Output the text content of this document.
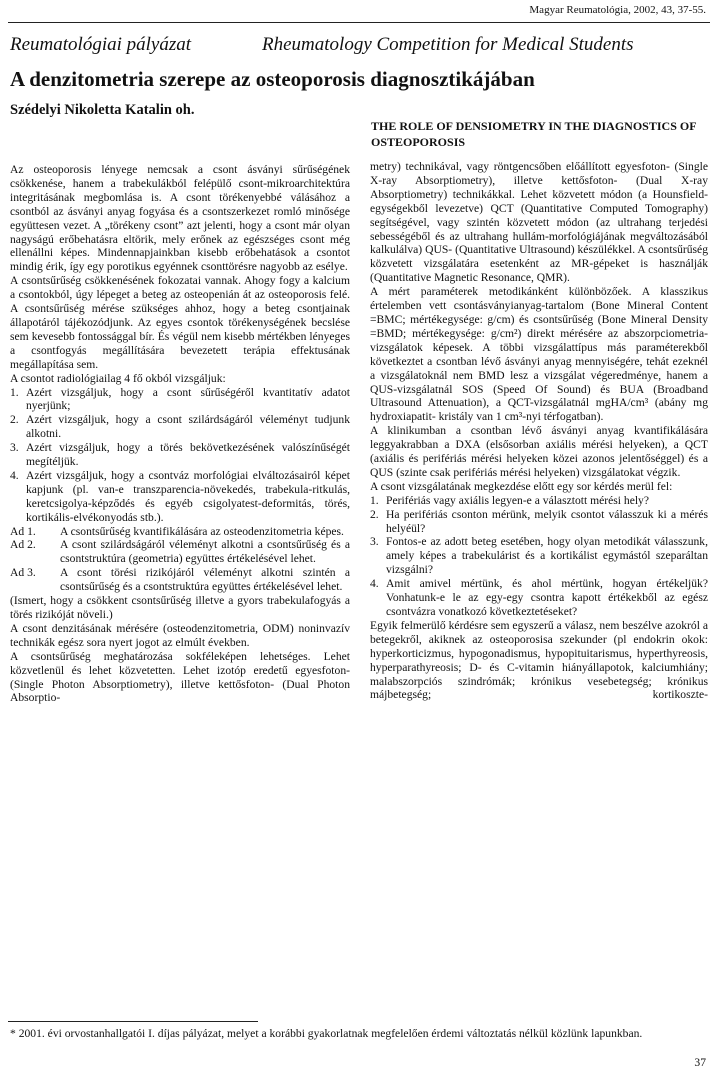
Magyar Reumatológia, 2002, 43, 37-55.
Reumatológiai pályázat	Rheumatology Competition for Medical Students
A denzitometria szerepe az osteoporosis diagnosztikájában
Szédelyi Nikoletta Katalin oh.
THE ROLE OF DENSIOMETRY IN THE DIAGNOSTICS OF OSTEOPOROSIS

Az osteoporosis lényege nemcsak a csont ásványi sűrűségének csökkenése, hanem a trabekulákból felépülő csont-mikroarchitektúra integritásának megbomlása is. A csont törékenyebbé válásához a csontból az ásványi anyag fogyása és a csontszerkezet romló minősége együttesen vezet. A „törékeny csont” azt jelenti, hogy a csont már olyan nagyságú erőbehatásra eltörik, mely erőnek az egészséges csont még ellenállni képes. Mindennapjainkban kisebb erőbehatások a csontot mindig érik, így egy porotikus egyénnek csonttörésre nagyobb az esélye.

A csontsűrűség csökkenésének fokozatai vannak. Ahogy fogy a kalcium a csontokból, úgy lépeget a beteg az osteopenián át az osteoporosis felé. A csontsűrűség mérése szükséges ahhoz, hogy a beteg csontjainak állapotáról tájékozódjunk. Az egyes csontok törékenységének becslése sem kevesebb fontossággal bír. És végül nem kisebb mértékben lényeges a csontfogyás megállítására bevezetett terápia effektusának megállapítása sem.

A csontot radiológiailag 4 fő okból vizsgáljuk:

1. Azért vizsgáljuk, hogy a csont sűrűségéről kvantitatív adatot nyerjünk;
2. Azért vizsgáljuk, hogy a csont szilárdságáról véleményt tudjunk alkotni.
3. Azért vizsgáljuk, hogy a törés bekövetkezésének valószínűségét megítéljük.
4. Azért vizsgáljuk, hogy a csontváz morfológiai elváltozásairól képet kapjunk (pl. van-e transzparencia-növekedés, trabekula-ritkulás, keretcsigolya-képződés és egyéb csigolyatest-deformitás, törés, kortikális-elvékonyodás stb.).
Ad 1.	A csontsűrűség kvantifikálására az osteodenzitometria képes.
Ad 2.	A csont szilárdságáról véleményt alkotni a csontsűrűség és a csontstruktúra (geometria) együttes értékelésével lehet.
Ad 3.	A csont törési rizikójáról véleményt alkotni szintén a csontsűrűség és a csontstruktúra együttes értékelésével lehet.

(Ismert, hogy a csökkent csontsűrűség illetve a gyors trabekulafogyás a törés rizikóját növeli.)

A csont denzitásának mérésére (osteodenzitometria, ODM) noninvazív technikák egész sora nyert jogot az elmúlt években.

A csontsűrűség meghatározása sokféleképen lehetséges. Lehet közvetlenül és lehet közvetetten. Lehet izotóp eredetű egyesfoton- (Single Photon Absorptiometry), illetve kettősfoton- (Dual Photon Absorptio-

metry) technikával, vagy röntgencsőben előállított egyesfoton- (Single X-ray Absorptiometry), illetve kettősfoton- (Dual X-ray Absorptiometry) technikákkal. Lehet közvetett módon (a Hounsfield-egységekből levezetve) QCT (Quantitative Computed Tomography) segítségével, vagy szintén közvetett módon (az ultrahang terjedési sebességéből és az ultrahang hullám-morfológiájának megváltozásából kalkulálva) QUS- (Quantitative Ultrasound) készülékkel. A csontsűrűség közvetett vizsgálatára esetenként az MR-gépeket is használják (Quantitative Magnetic Resonance, QMR).

A mért paraméterek metodikánként különbözőek. A klasszikus értelemben vett csontásványianyag-tartalom (Bone Mineral Content =BMC; mértékegysége: g/cm) és csontsűrűség (Bone Mineral Density =BMD; mértékegysége: g/cm²) direkt mérésére az abszorpciometria-vizsgálatok képesek. A többi vizsgálattípus más paraméterekből következtet a csontban lévő ásványi anyag mennyiségére, tehát ezeknél a vizsgálatoknál nem BMD lesz a vizsgálat végeredménye, hanem a QUS-vizsgálatnál SOS (Speed Of Sound) és BUA (Broadband Ultrasound Attenuation), a QCT-vizsgálatnál mgHA/cm³ (abány mg hydroxiapatit- kristály van 1 cm³-nyi térfogatban).

A klinikumban a csontban lévő ásványi anyag kvantifikálására leggyakrabban a DXA (elsősorban axiális mérési helyeken), a QCT (axiális és perifériás mérési helyeken közei azonos jelentőséggel) és a QUS (szinte csak perifériás mérési helyeken) vizsgálatokat végzik.

A csont vizsgálatának megkezdése előtt egy sor kérdés merül fel:

1. Perifériás vagy axiális legyen-e a választott mérési hely?
2. Ha perifériás csonton mérünk, melyik csontot válasszuk ki a mérés helyéül?
3. Fontos-e az adott beteg esetében, hogy olyan metodikát válasszunk, amely képes a trabekulárist és a kortikálist egymástól szeparáltan vizsgálni?
4. Amit amivel mértünk, és ahol mértünk, hogyan értékeljük? Vonhatunk-e le az egy-egy csontra kapott értékekből az egész csontvázra vonatkozó következtetéseket?

Egyik felmerülő kérdésre sem egyszerű a válasz, nem beszélve azokról a betegekről, akiknek az osteoporosisa szekunder (pl endokrin okok: hyperkorticizmus, hypogonadismus, hypopituitarismus, hyperthyreosis, hyperparathyreosis; D- és C-vitamin hiányállapotok, kalciumhiány; malabszorpciós szindrómák; krónikus vesebetegség; krónikus májbetegség; kortikoszte-

* 2001. évi orvostanhallgatói I. díjas pályázat, melyet a korábbi gyakorlatnak megfelelően érdemi változtatás nélkül közlünk lapunkban.
37
